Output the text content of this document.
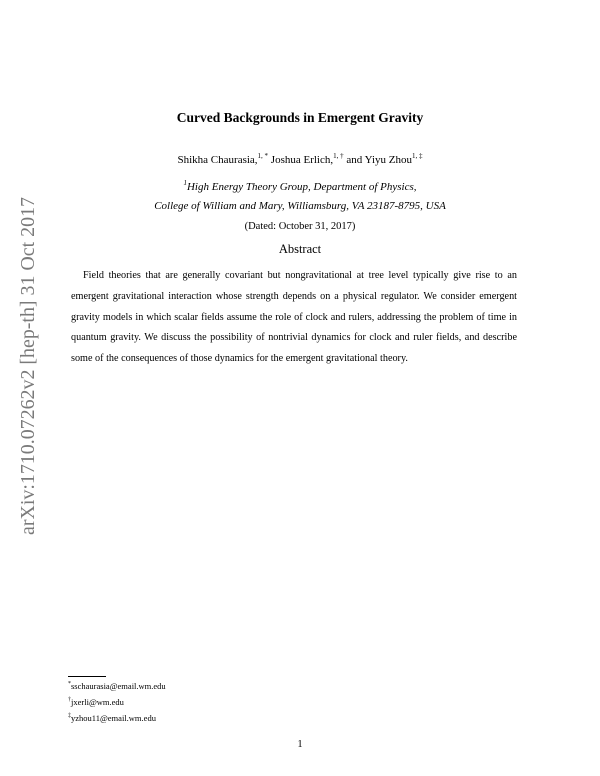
arXiv:1710.07262v2 [hep-th] 31 Oct 2017
Curved Backgrounds in Emergent Gravity
Shikha Chaurasia,$^{1, *}$ Joshua Erlich,$^{1, \dagger}$ and Yiyu Zhou$^{1, \ddagger}$
$^1$High Energy Theory Group, Department of Physics,
College of William and Mary, Williamsburg, VA 23187-8795, USA
(Dated: October 31, 2017)
Abstract
Field theories that are generally covariant but nongravitational at tree level typically give rise to an emergent gravitational interaction whose strength depends on a physical regulator. We consider emergent gravity models in which scalar fields assume the role of clock and rulers, addressing the problem of time in quantum gravity. We discuss the possibility of nontrivial dynamics for clock and ruler fields, and describe some of the consequences of those dynamics for the emergent gravitational theory.
*sschaurasia@email.wm.edu
†jxerli@wm.edu
‡yzhou11@email.wm.edu
1
